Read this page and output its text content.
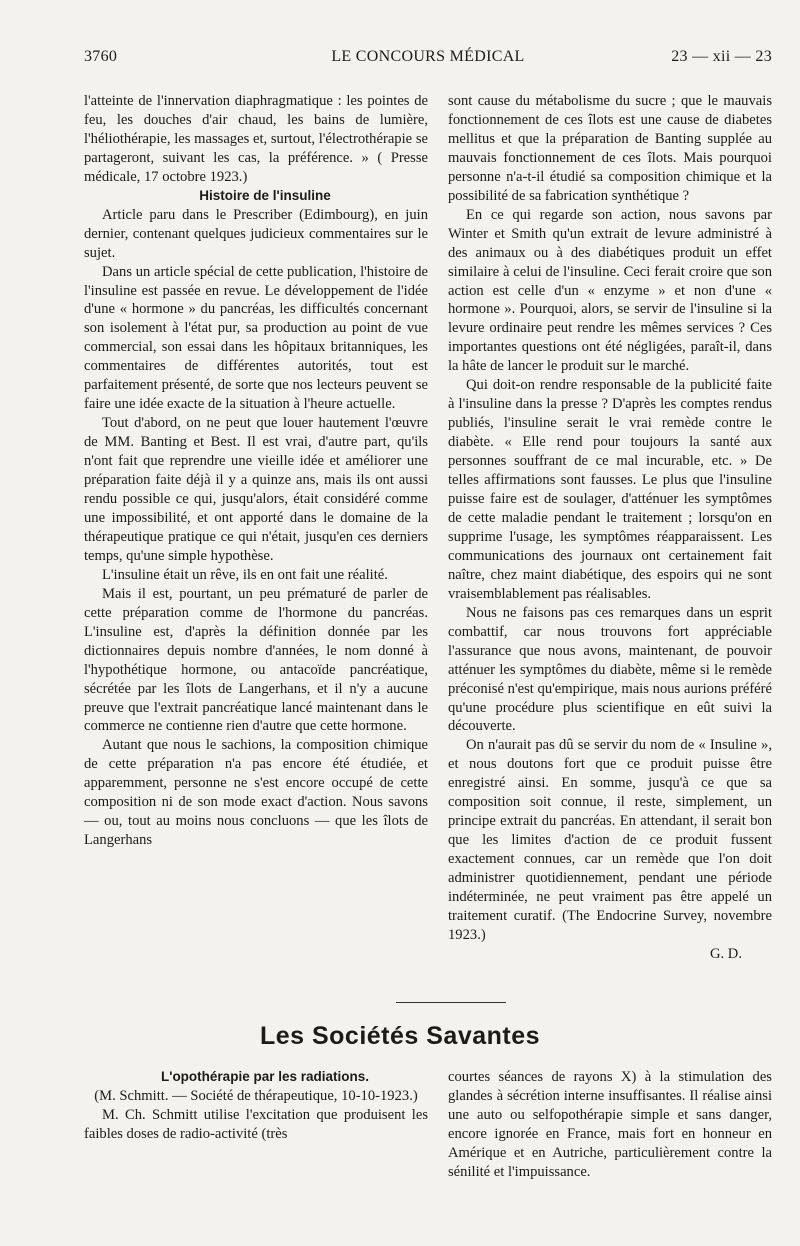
3760	LE CONCOURS MÉDICAL	23 — xii — 23

l'atteinte de l'innervation diaphragmatique : les pointes de feu, les douches d'air chaud, les bains de lumière, l'héliothérapie, les massages et, surtout, l'électrothérapie se partageront, suivant les cas, la préférence. » ( Presse médicale, 17 octobre 1923.)

Histoire de l'insuline

Article paru dans le Prescriber (Edimbourg), en juin dernier, contenant quelques judicieux commentaires sur le sujet.

Dans un article spécial de cette publication, l'histoire de l'insuline est passée en revue. Le développement de l'idée d'une « hormone » du pancréas, les difficultés concernant son isolement à l'état pur, sa production au point de vue commercial, son essai dans les hôpitaux britanniques, les commentaires de différentes autorités, tout est parfaitement présenté, de sorte que nos lecteurs peuvent se faire une idée exacte de la situation à l'heure actuelle.

Tout d'abord, on ne peut que louer hautement l'œuvre de MM. Banting et Best. Il est vrai, d'autre part, qu'ils n'ont fait que reprendre une vieille idée et améliorer une préparation faite déjà il y a quinze ans, mais ils ont aussi rendu possible ce qui, jusqu'alors, était considéré comme une impossibilité, et ont apporté dans le domaine de la thérapeutique pratique ce qui n'était, jusqu'en ces derniers temps, qu'une simple hypothèse.

L'insuline était un rêve, ils en ont fait une réalité.

Mais il est, pourtant, un peu prématuré de parler de cette préparation comme de l'hormone du pancréas. L'insuline est, d'après la définition donnée par les dictionnaires depuis nombre d'années, le nom donné à l'hypothétique hormone, ou antacoïde pancréatique, sécrétée par les îlots de Langerhans, et il n'y a aucune preuve que l'extrait pancréatique lancé maintenant dans le commerce ne contienne rien d'autre que cette hormone.

Autant que nous le sachions, la composition chimique de cette préparation n'a pas encore été étudiée, et apparemment, personne ne s'est encore occupé de cette composition ni de son mode exact d'action. Nous savons — ou, tout au moins nous concluons — que les îlots de Langerhans

sont cause du métabolisme du sucre ; que le mauvais fonctionnement de ces îlots est une cause de diabetes mellitus et que la préparation de Banting supplée au mauvais fonctionnement de ces îlots. Mais pourquoi personne n'a-t-il étudié sa composition chimique et la possibilité de sa fabrication synthétique ?

En ce qui regarde son action, nous savons par Winter et Smith qu'un extrait de levure administré à des animaux ou à des diabétiques produit un effet similaire à celui de l'insuline. Ceci ferait croire que son action est celle d'un « enzyme » et non d'une « hormone ». Pourquoi, alors, se servir de l'insuline si la levure ordinaire peut rendre les mêmes services ? Ces importantes questions ont été négligées, paraît-il, dans la hâte de lancer le produit sur le marché.

Qui doit-on rendre responsable de la publicité faite à l'insuline dans la presse ? D'après les comptes rendus publiés, l'insuline serait le vrai remède contre le diabète. « Elle rend pour toujours la santé aux personnes souffrant de ce mal incurable, etc. » De telles affirmations sont fausses. Le plus que l'insuline puisse faire est de soulager, d'atténuer les symptômes de cette maladie pendant le traitement ; lorsqu'on en supprime l'usage, les symptômes réapparaissent. Les communications des journaux ont certainement fait naître, chez maint diabétique, des espoirs qui ne sont vraisemblablement pas réalisables.

Nous ne faisons pas ces remarques dans un esprit combattif, car nous trouvons fort appréciable l'assurance que nous avons, maintenant, de pouvoir atténuer les symptômes du diabète, même si le remède préconisé n'est qu'empirique, mais nous aurions préféré qu'une procédure plus scientifique en eût suivi la découverte.

On n'aurait pas dû se servir du nom de « Insuline », et nous doutons fort que ce produit puisse être enregistré ainsi. En somme, jusqu'à ce que sa composition soit connue, il reste, simplement, un principe extrait du pancréas. En attendant, il serait bon que les limites d'action de ce produit fussent exactement connues, car un remède que l'on doit administrer quotidiennement, pendant une période indéterminée, ne peut vraiment pas être appelé un traitement curatif. (The Endocrine Survey, novembre 1923.)

G. D.

Les Sociétés Savantes

L'opothérapie par les radiations.

(M. Schmitt. — Société de thérapeutique, 10-10-1923.)

M. Ch. Schmitt utilise l'excitation que produisent les faibles doses de radio-activité (très

courtes séances de rayons X) à la stimulation des glandes à sécrétion interne insuffisantes. Il réalise ainsi une auto ou selfopothérapie simple et sans danger, encore ignorée en France, mais fort en honneur en Amérique et en Autriche, particulièrement contre la sénilité et l'impuissance.
